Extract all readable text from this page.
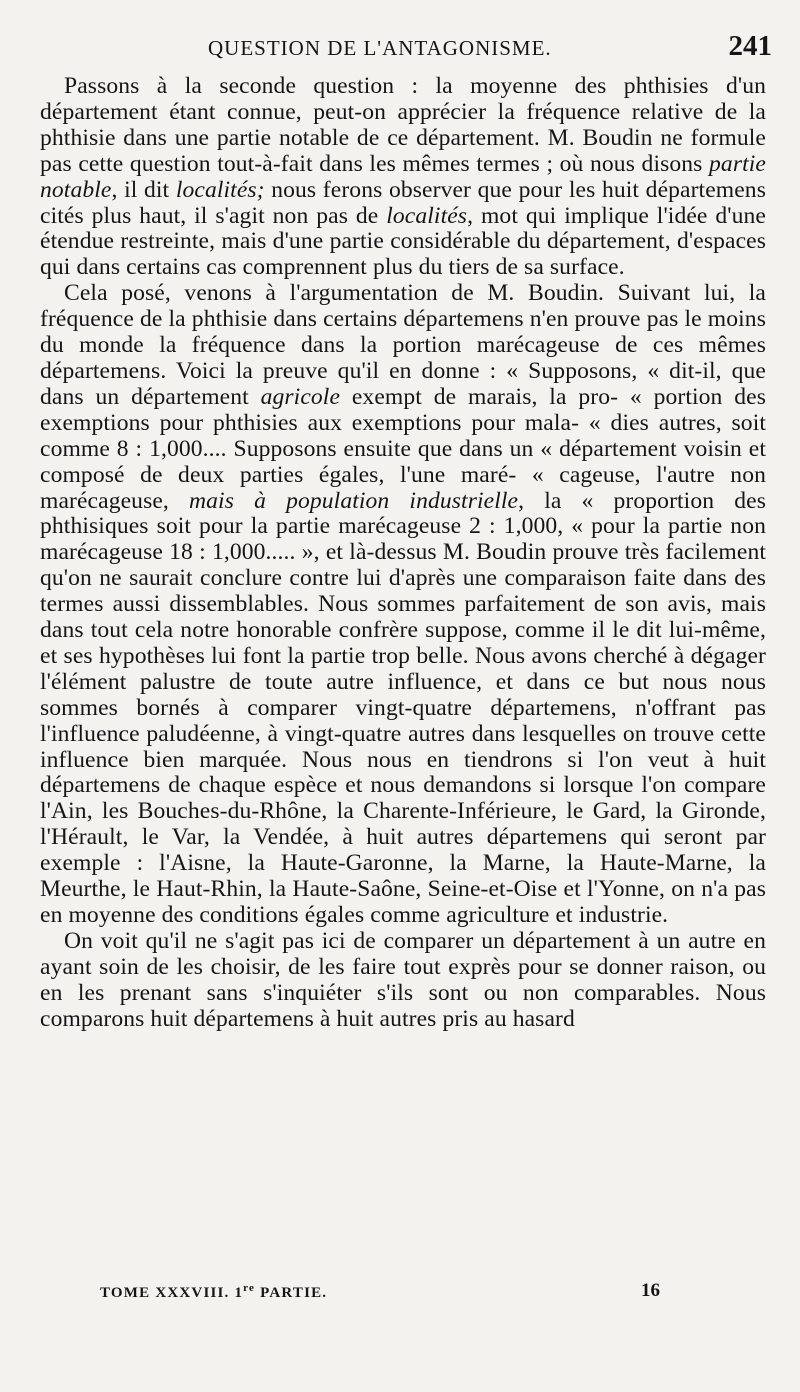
QUESTION DE L'ANTAGONISME.	241

Passons à la seconde question : la moyenne des phthisies d'un département étant connue, peut-on apprécier la fréquence relative de la phthisie dans une partie notable de ce département. M. Boudin ne formule pas cette question tout-à-fait dans les mêmes termes ; où nous disons partie notable, il dit localités; nous ferons observer que pour les huit départemens cités plus haut, il s'agit non pas de localités, mot qui implique l'idée d'une étendue restreinte, mais d'une partie considérable du département, d'espaces qui dans certains cas comprennent plus du tiers de sa surface.

Cela posé, venons à l'argumentation de M. Boudin. Suivant lui, la fréquence de la phthisie dans certains départemens n'en prouve pas le moins du monde la fréquence dans la portion marécageuse de ces mêmes départemens. Voici la preuve qu'il en donne : « Supposons, « dit-il, que dans un département agricole exempt de marais, la pro- « portion des exemptions pour phthisies aux exemptions pour mala- « dies autres, soit comme 8 : 1,000.... Supposons ensuite que dans un « département voisin et composé de deux parties égales, l'une maré- « cageuse, l'autre non marécageuse, mais à population industrielle, la « proportion des phthisiques soit pour la partie marécageuse 2 : 1,000, « pour la partie non marécageuse 18 : 1,000..... », et là-dessus M. Boudin prouve très facilement qu'on ne saurait conclure contre lui d'après une comparaison faite dans des termes aussi dissemblables. Nous sommes parfaitement de son avis, mais dans tout cela notre honorable confrère suppose, comme il le dit lui-même, et ses hypothèses lui font la partie trop belle. Nous avons cherché à dégager l'élément palustre de toute autre influence, et dans ce but nous nous sommes bornés à comparer vingt-quatre départemens, n'offrant pas l'influence paludéenne, à vingt-quatre autres dans lesquelles on trouve cette influence bien marquée. Nous nous en tiendrons si l'on veut à huit départemens de chaque espèce et nous demandons si lorsque l'on compare l'Ain, les Bouches-du-Rhône, la Charente-Inférieure, le Gard, la Gironde, l'Hérault, le Var, la Vendée, à huit autres départemens qui seront par exemple : l'Aisne, la Haute-Garonne, la Marne, la Haute-Marne, la Meurthe, le Haut-Rhin, la Haute-Saône, Seine-et-Oise et l'Yonne, on n'a pas en moyenne des conditions égales comme agriculture et industrie.

On voit qu'il ne s'agit pas ici de comparer un département à un autre en ayant soin de les choisir, de les faire tout exprès pour se donner raison, ou en les prenant sans s'inquiéter s'ils sont ou non comparables. Nous comparons huit départemens à huit autres pris au hasard

TOME XXXVIII. 1re PARTIE.	16
